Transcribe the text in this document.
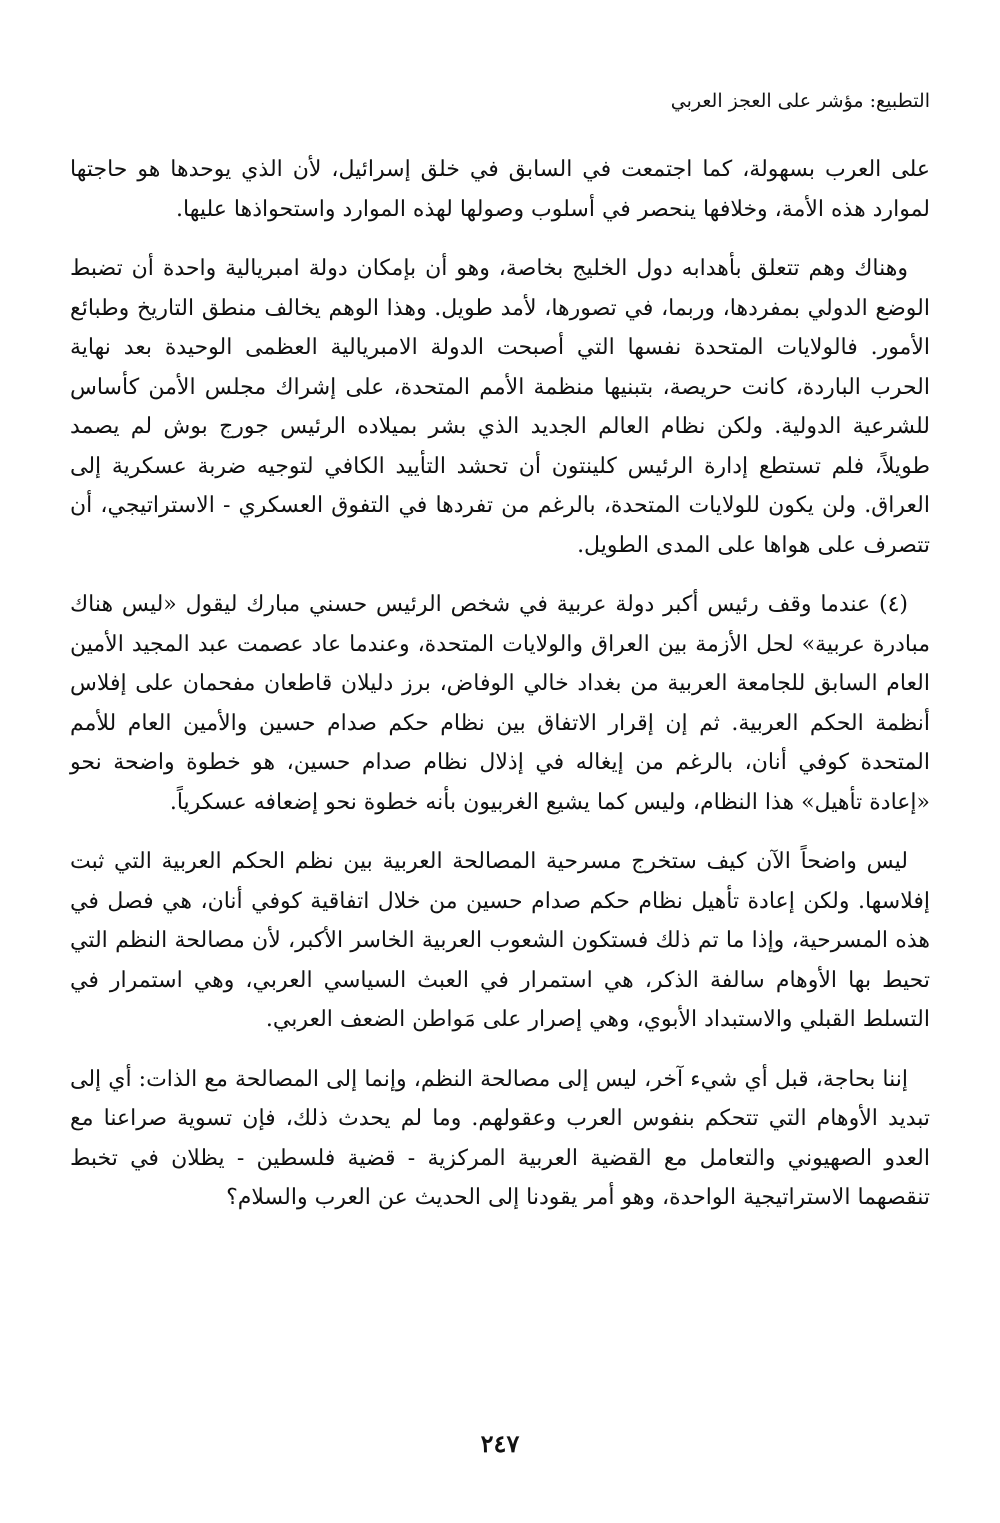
التطبيع: مؤشر على العجز العربي

على العرب بسهولة، كما اجتمعت في السابق في خلق إسرائيل، لأن الذي يوحدها هو حاجتها لموارد هذه الأمة، وخلافها ينحصر في أسلوب وصولها لهذه الموارد واستحواذها عليها.

وهناك وهم تتعلق بأهدابه دول الخليج بخاصة، وهو أن بإمكان دولة امبريالية واحدة أن تضبط الوضع الدولي بمفردها، وربما، في تصورها، لأمد طويل. وهذا الوهم يخالف منطق التاريخ وطبائع الأمور. فالولايات المتحدة نفسها التي أصبحت الدولة الامبريالية العظمى الوحيدة بعد نهاية الحرب الباردة، كانت حريصة، بتبنيها منظمة الأمم المتحدة، على إشراك مجلس الأمن كأساس للشرعية الدولية. ولكن نظام العالم الجديد الذي بشر بميلاده الرئيس جورج بوش لم يصمد طويلاً، فلم تستطع إدارة الرئيس كلينتون أن تحشد التأييد الكافي لتوجيه ضربة عسكرية إلى العراق. ولن يكون للولايات المتحدة، بالرغم من تفردها في التفوق العسكري - الاستراتيجي، أن تتصرف على هواها على المدى الطويل.

(٤) عندما وقف رئيس أكبر دولة عربية في شخص الرئيس حسني مبارك ليقول «ليس هناك مبادرة عربية» لحل الأزمة بين العراق والولايات المتحدة، وعندما عاد عصمت عبد المجيد الأمين العام السابق للجامعة العربية من بغداد خالي الوفاض، برز دليلان قاطعان مفحمان على إفلاس أنظمة الحكم العربية. ثم إن إقرار الاتفاق بين نظام حكم صدام حسين والأمين العام للأمم المتحدة كوفي أنان، بالرغم من إيغاله في إذلال نظام صدام حسين، هو خطوة واضحة نحو «إعادة تأهيل» هذا النظام، وليس كما يشيع الغربيون بأنه خطوة نحو إضعافه عسكرياً.

ليس واضحاً الآن كيف ستخرج مسرحية المصالحة العربية بين نظم الحكم العربية التي ثبت إفلاسها. ولكن إعادة تأهيل نظام حكم صدام حسين من خلال اتفاقية كوفي أنان، هي فصل في هذه المسرحية، وإذا ما تم ذلك فستكون الشعوب العربية الخاسر الأكبر، لأن مصالحة النظم التي تحيط بها الأوهام سالفة الذكر، هي استمرار في العبث السياسي العربي، وهي استمرار في التسلط القبلي والاستبداد الأبوي، وهي إصرار على مَواطن الضعف العربي.

إننا بحاجة، قبل أي شيء آخر، ليس إلى مصالحة النظم، وإنما إلى المصالحة مع الذات: أي إلى تبديد الأوهام التي تتحكم بنفوس العرب وعقولهم. وما لم يحدث ذلك، فإن تسوية صراعنا مع العدو الصهيوني والتعامل مع القضية العربية المركزية - قضية فلسطين - يظلان في تخبط تنقصهما الاستراتيجية الواحدة، وهو أمر يقودنا إلى الحديث عن العرب والسلام؟

٢٤٧
